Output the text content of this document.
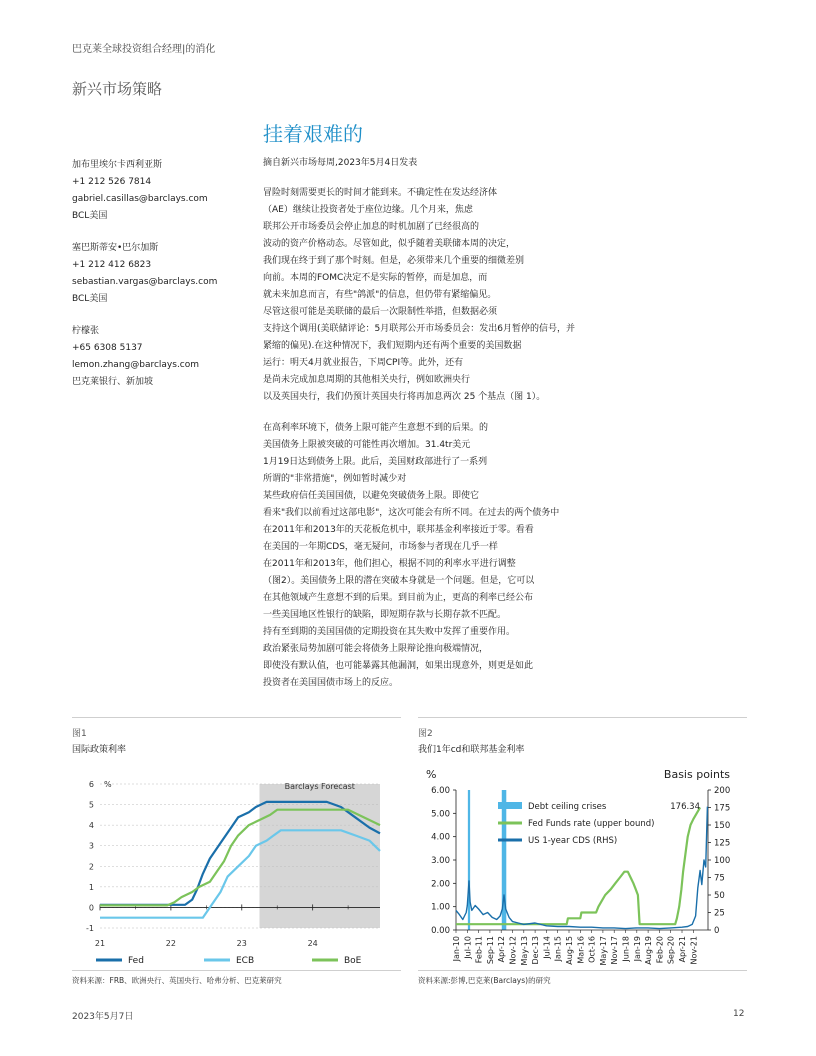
巴克莱全球投资组合经理|的消化
新兴市场策略
挂着艰难的
加布里埃尔卡西利亚斯
+1 212 526 7814
gabriel.casillas@barclays.com
BCL美国
塞巴斯蒂安•巴尔加斯
+1 212 412 6823
sebastian.vargas@barclays.com
BCL美国
柠檬张
+65 6308 5137
lemon.zhang@barclays.com
巴克莱银行、新加坡
摘自新兴市场每周,2023年5月4日发表
冒险时刻需要更长的时间才能到来。不确定性在发达经济体
（AE）继续让投资者处于座位边缘。几个月来，焦虑
联邦公开市场委员会停止加息的时机加剧了已经很高的
波动的资产价格动态。尽管如此，似乎随着美联储本周的决定，
我们现在终于到了那个时刻。但是，必须带来几个重要的细微差别
向前。本周的FOMC决定不是实际的暂停，而是加息，而
就未来加息而言，有些"鸽派"的信息，但仍带有紧缩偏见。
尽管这很可能是美联储的最后一次限制性举措，但数据必须
支持这个调用(美联储评论：5月联邦公开市场委员会：发出6月暂停的信号，并
紧缩的偏见).在这种情况下，我们短期内还有两个重要的美国数据
运行：明天4月就业报告，下周CPI等。此外，还有
是尚未完成加息周期的其他相关央行，例如欧洲央行
以及英国央行，我们仍预计英国央行将再加息两次 25 个基点（图 1）。
在高利率环境下，债务上限可能产生意想不到的后果。的
美国债务上限被突破的可能性再次增加。31.4tr美元
1月19日达到债务上限。此后，美国财政部进行了一系列
所谓的"非常措施"，例如暂时减少对
某些政府信任美国国债，以避免突破债务上限。即使它
看来"我们以前看过这部电影"，这次可能会有所不同。在过去的两个债务中
在2011年和2013年的天花板危机中，联邦基金利率接近于零。看看
在美国的一年期CDS，毫无疑问，市场参与者现在几乎一样
在2011年和2013年，他们担心，根据不同的利率水平进行调整
（图2）。美国债务上限的潜在突破本身就是一个问题。但是，它可以
在其他领域产生意想不到的后果。到目前为止，更高的利率已经公布
一些美国地区性银行的缺陷，即短期存款与长期存款不匹配。
持有至到期的美国国债的定期投资在其失败中发挥了重要作用。
政治紧张局势加剧可能会将债务上限辩论推向极端情况，
即使没有默认值，也可能暴露其他漏洞，如果出现意外，则更是如此
投资者在美国国债市场上的反应。
图1
国际政策利率
Barclays Forecast
-1
0
1
2
3
4
5
6 %
21	22	23	24
Fed	ECB	BoE
资料来源：FRB、欧洲央行、英国央行、哈弗分析、巴克莱研究
图2
我们1年cd和联邦基金利率
%	Basis points
0.00
1.00
2.00
3.00
4.00
5.00
6.00
0
25
50
75
100
125
150
175
200
Jan-10 Jul-10 Feb-11 Sep-11 Apr-12 Nov-12 May-13 Dec-13 Jul-14 Jan-15 Aug-15 Mar-16 Oct-16 May-17 Nov-17 Jun-18 Jan-19 Aug-19 Feb-20 Sep-20 Apr-21 Nov-21
Debt ceiling crises
Fed Funds rate (upper bound)
US 1-year CDS (RHS)
176.34
资料来源:彭博,巴克莱(Barclays)的研究
2023年5月7日	12
